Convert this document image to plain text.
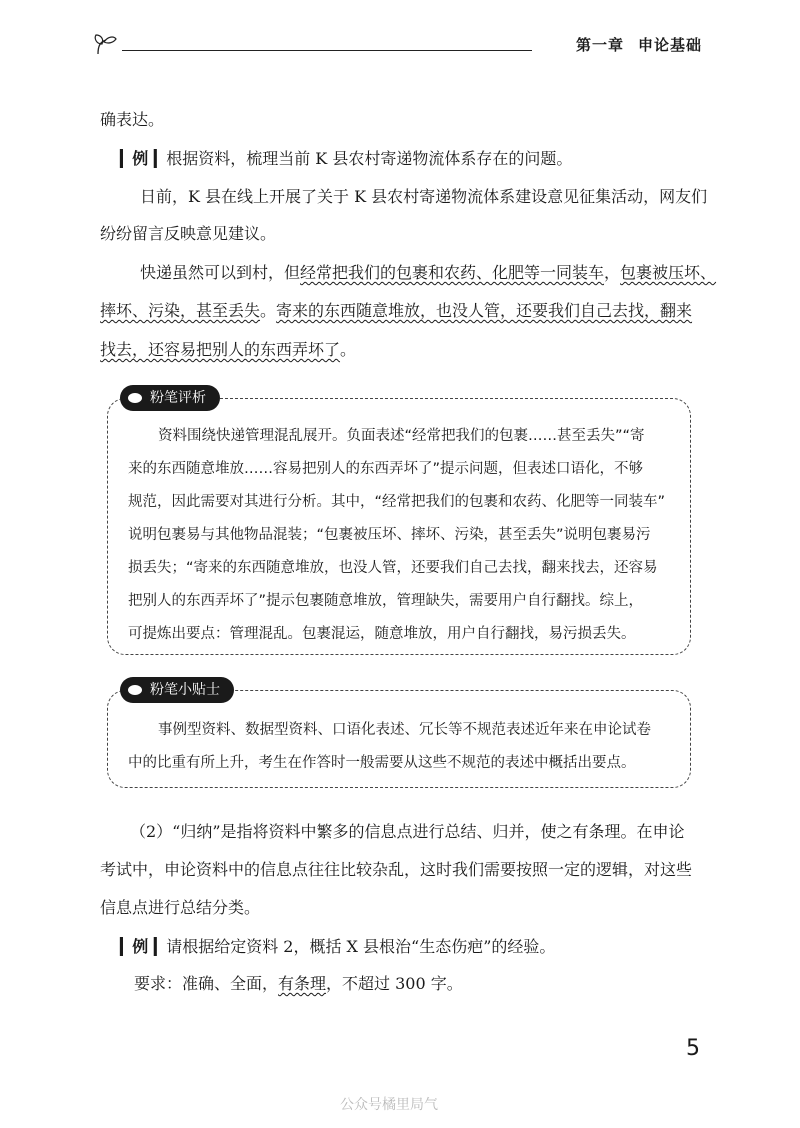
第一章 申论基础
确表达。
▎例 ▎根据资料，梳理当前 K 县农村寄递物流体系存在的问题。
日前，K 县在线上开展了关于 K 县农村寄递物流体系建设意见征集活动，网友们
纷纷留言反映意见建议。
快递虽然可以到村，但经常把我们的包裹和农药、化肥等一同装车，包裹被压坏、
摔坏、污染，甚至丢失。寄来的东西随意堆放，也没人管，还要我们自己去找，翻来
找去，还容易把别人的东西弄坏了。
粉笔评析
资料围绕快递管理混乱展开。负面表述“经常把我们的包裹……甚至丢失”“寄
来的东西随意堆放……容易把别人的东西弄坏了”提示问题，但表述口语化，不够
规范，因此需要对其进行分析。其中，“经常把我们的包裹和农药、化肥等一同装车”
说明包裹易与其他物品混装；“包裹被压坏、摔坏、污染，甚至丢失”说明包裹易污
损丢失；“寄来的东西随意堆放，也没人管，还要我们自己去找，翻来找去，还容易
把别人的东西弄坏了”提示包裹随意堆放，管理缺失，需要用户自行翻找。综上，
可提炼出要点：管理混乱。包裹混运，随意堆放，用户自行翻找，易污损丢失。
粉笔小贴士
事例型资料、数据型资料、口语化表述、冗长等不规范表述近年来在申论试卷
中的比重有所上升，考生在作答时一般需要从这些不规范的表述中概括出要点。
（2）“归纳”是指将资料中繁多的信息点进行总结、归并，使之有条理。在申论
考试中，申论资料中的信息点往往比较杂乱，这时我们需要按照一定的逻辑，对这些
信息点进行总结分类。
▎例 ▎请根据给定资料 2，概括 X 县根治“生态伤疤”的经验。
要求：准确、全面，有条理，不超过 300 字。
5
公众号橘里局气
